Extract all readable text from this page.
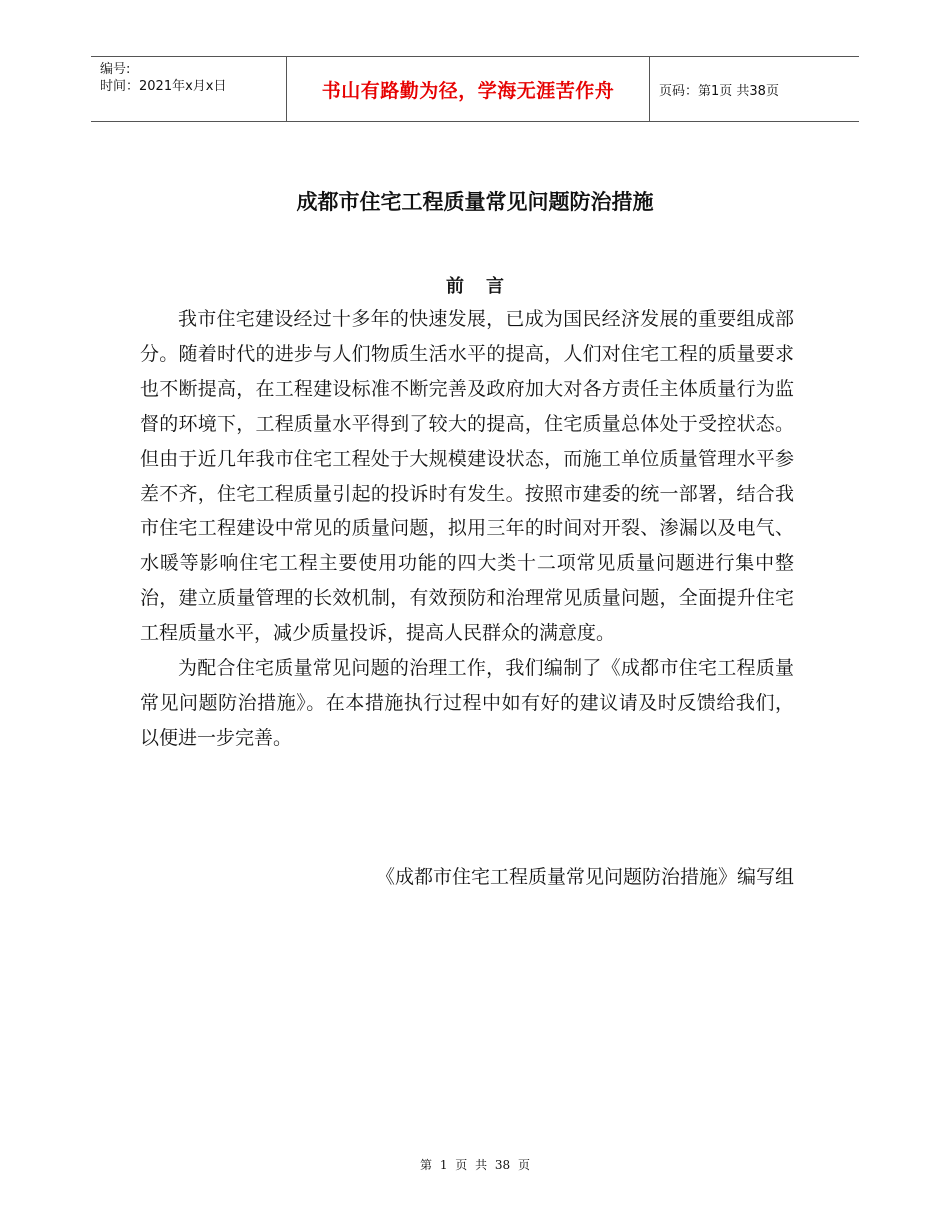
编号:
时间：2021年x月x日	书山有路勤为径，学海无涯苦作舟	页码：第1页 共38页
成都市住宅工程质量常见问题防治措施
前言

我市住宅建设经过十多年的快速发展，已成为国民经济发展的重要组成部分。随着时代的进步与人们物质生活水平的提高，人们对住宅工程的质量要求也不断提高，在工程建设标准不断完善及政府加大对各方责任主体质量行为监督的环境下，工程质量水平得到了较大的提高，住宅质量总体处于受控状态。但由于近几年我市住宅工程处于大规模建设状态，而施工单位质量管理水平参差不齐，住宅工程质量引起的投诉时有发生。按照市建委的统一部署，结合我市住宅工程建设中常见的质量问题，拟用三年的时间对开裂、渗漏以及电气、水暖等影响住宅工程主要使用功能的四大类十二项常见质量问题进行集中整治，建立质量管理的长效机制，有效预防和治理常见质量问题，全面提升住宅工程质量水平，减少质量投诉，提高人民群众的满意度。

为配合住宅质量常见问题的治理工作，我们编制了《成都市住宅工程质量常见问题防治措施》。在本措施执行过程中如有好的建议请及时反馈给我们，以便进一步完善。

《成都市住宅工程质量常见问题防治措施》编写组
第 1 页 共 38 页
